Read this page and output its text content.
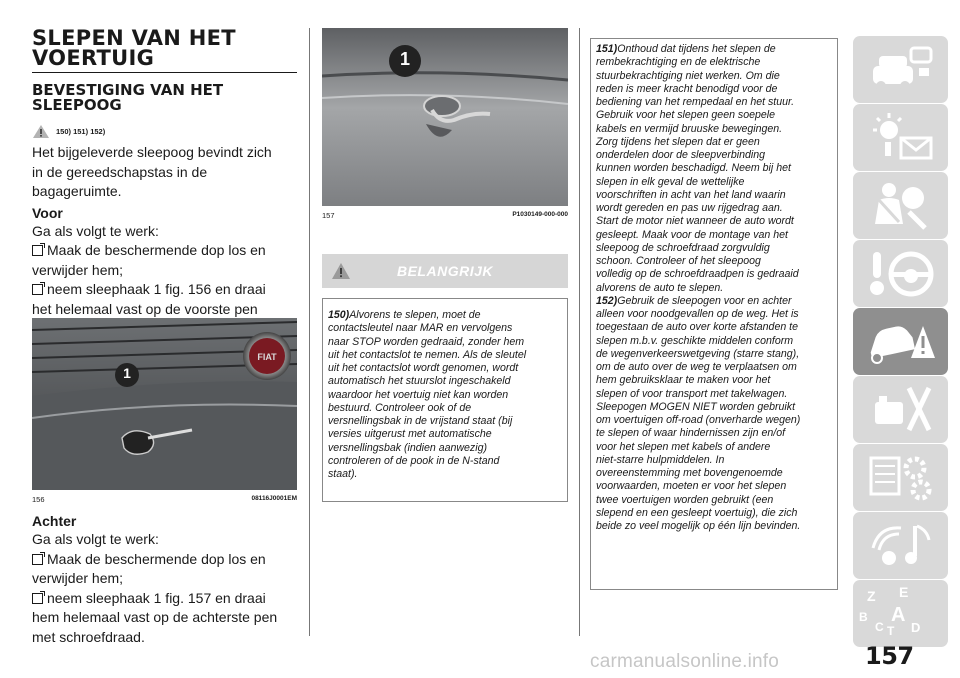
SLEPEN VAN HET VOERTUIG
BEVESTIGING VAN HET SLEEPOOG
150) 151) 152)
Het bijgeleverde sleepoog bevindt zich
in de gereedschapstas in de
bagageruimte.
Voor
Ga als volgt te werk:
Maak de beschermende dop los en
verwijder hem;
neem sleephaak 1 fig. 156 en draai
het helemaal vast op de voorste pen

FIAT
1
156	08116J0001EM
Achter
Ga als volgt te werk:
Maak de beschermende dop los en
verwijder hem;
neem sleephaak 1 fig. 157 en draai
hem helemaal vast op de achterste pen
met schroefdraad.
1
157	P1030149-000-000
BELANGRIJK
150)Alvorens te slepen, moet de
contactsleutel naar MAR en vervolgens
naar STOP worden gedraaid, zonder hem
uit het contactslot te nemen. Als de sleutel
uit het contactslot wordt genomen, wordt
automatisch het stuurslot ingeschakeld
waardoor het voertuig niet kan worden
bestuurd. Controleer ook of de
versnellingsbak in de vrijstand staat (bij
versies uitgerust met automatische
versnellingsbak (indien aanwezig)
controleren of de pook in de N-stand
staat).
151)Onthoud dat tijdens het slepen de
rembekrachtiging en de elektrische
stuurbekrachtiging niet werken. Om die
reden is meer kracht benodigd voor de
bediening van het rempedaal en het stuur.
Gebruik voor het slepen geen soepele
kabels en vermijd bruuske bewegingen.
Zorg tijdens het slepen dat er geen
onderdelen door de sleepverbinding
kunnen worden beschadigd. Neem bij het
slepen in elk geval de wettelijke
voorschriften in acht van het land waarin
wordt gereden en pas uw rijgedrag aan.
Start de motor niet wanneer de auto wordt
gesleept. Maak voor de montage van het
sleepoog de schroefdraad zorgvuldig
schoon. Controleer of het sleepoog
volledig op de schroefdraadpen is gedraaid
alvorens de auto te slepen.
152)Gebruik de sleepogen voor en achter
alleen voor noodgevallen op de weg. Het is
toegestaan de auto over korte afstanden te
slepen m.b.v. geschikte middelen conform
de wegenverkeerswetgeving (starre stang),
om de auto over de weg te verplaatsen om
hem gebruiksklaar te maken voor het
slepen of voor transport met takelwagen.
Sleepogen MOGEN NIET worden gebruikt
om voertuigen off-road (onverharde wegen)
te slepen of waar hindernissen zijn en/of
voor het slepen met kabels of andere
niet-starre hulpmiddelen. In
overeenstemming met bovengenoemde
voorwaarden, moeten er voor het slepen
twee voertuigen worden gebruikt (een
slepend en een gesleept voertuig), die zich
beide zo veel mogelijk op één lijn bevinden.
Z E
B A
C T D
157
carmanualsonline.info
